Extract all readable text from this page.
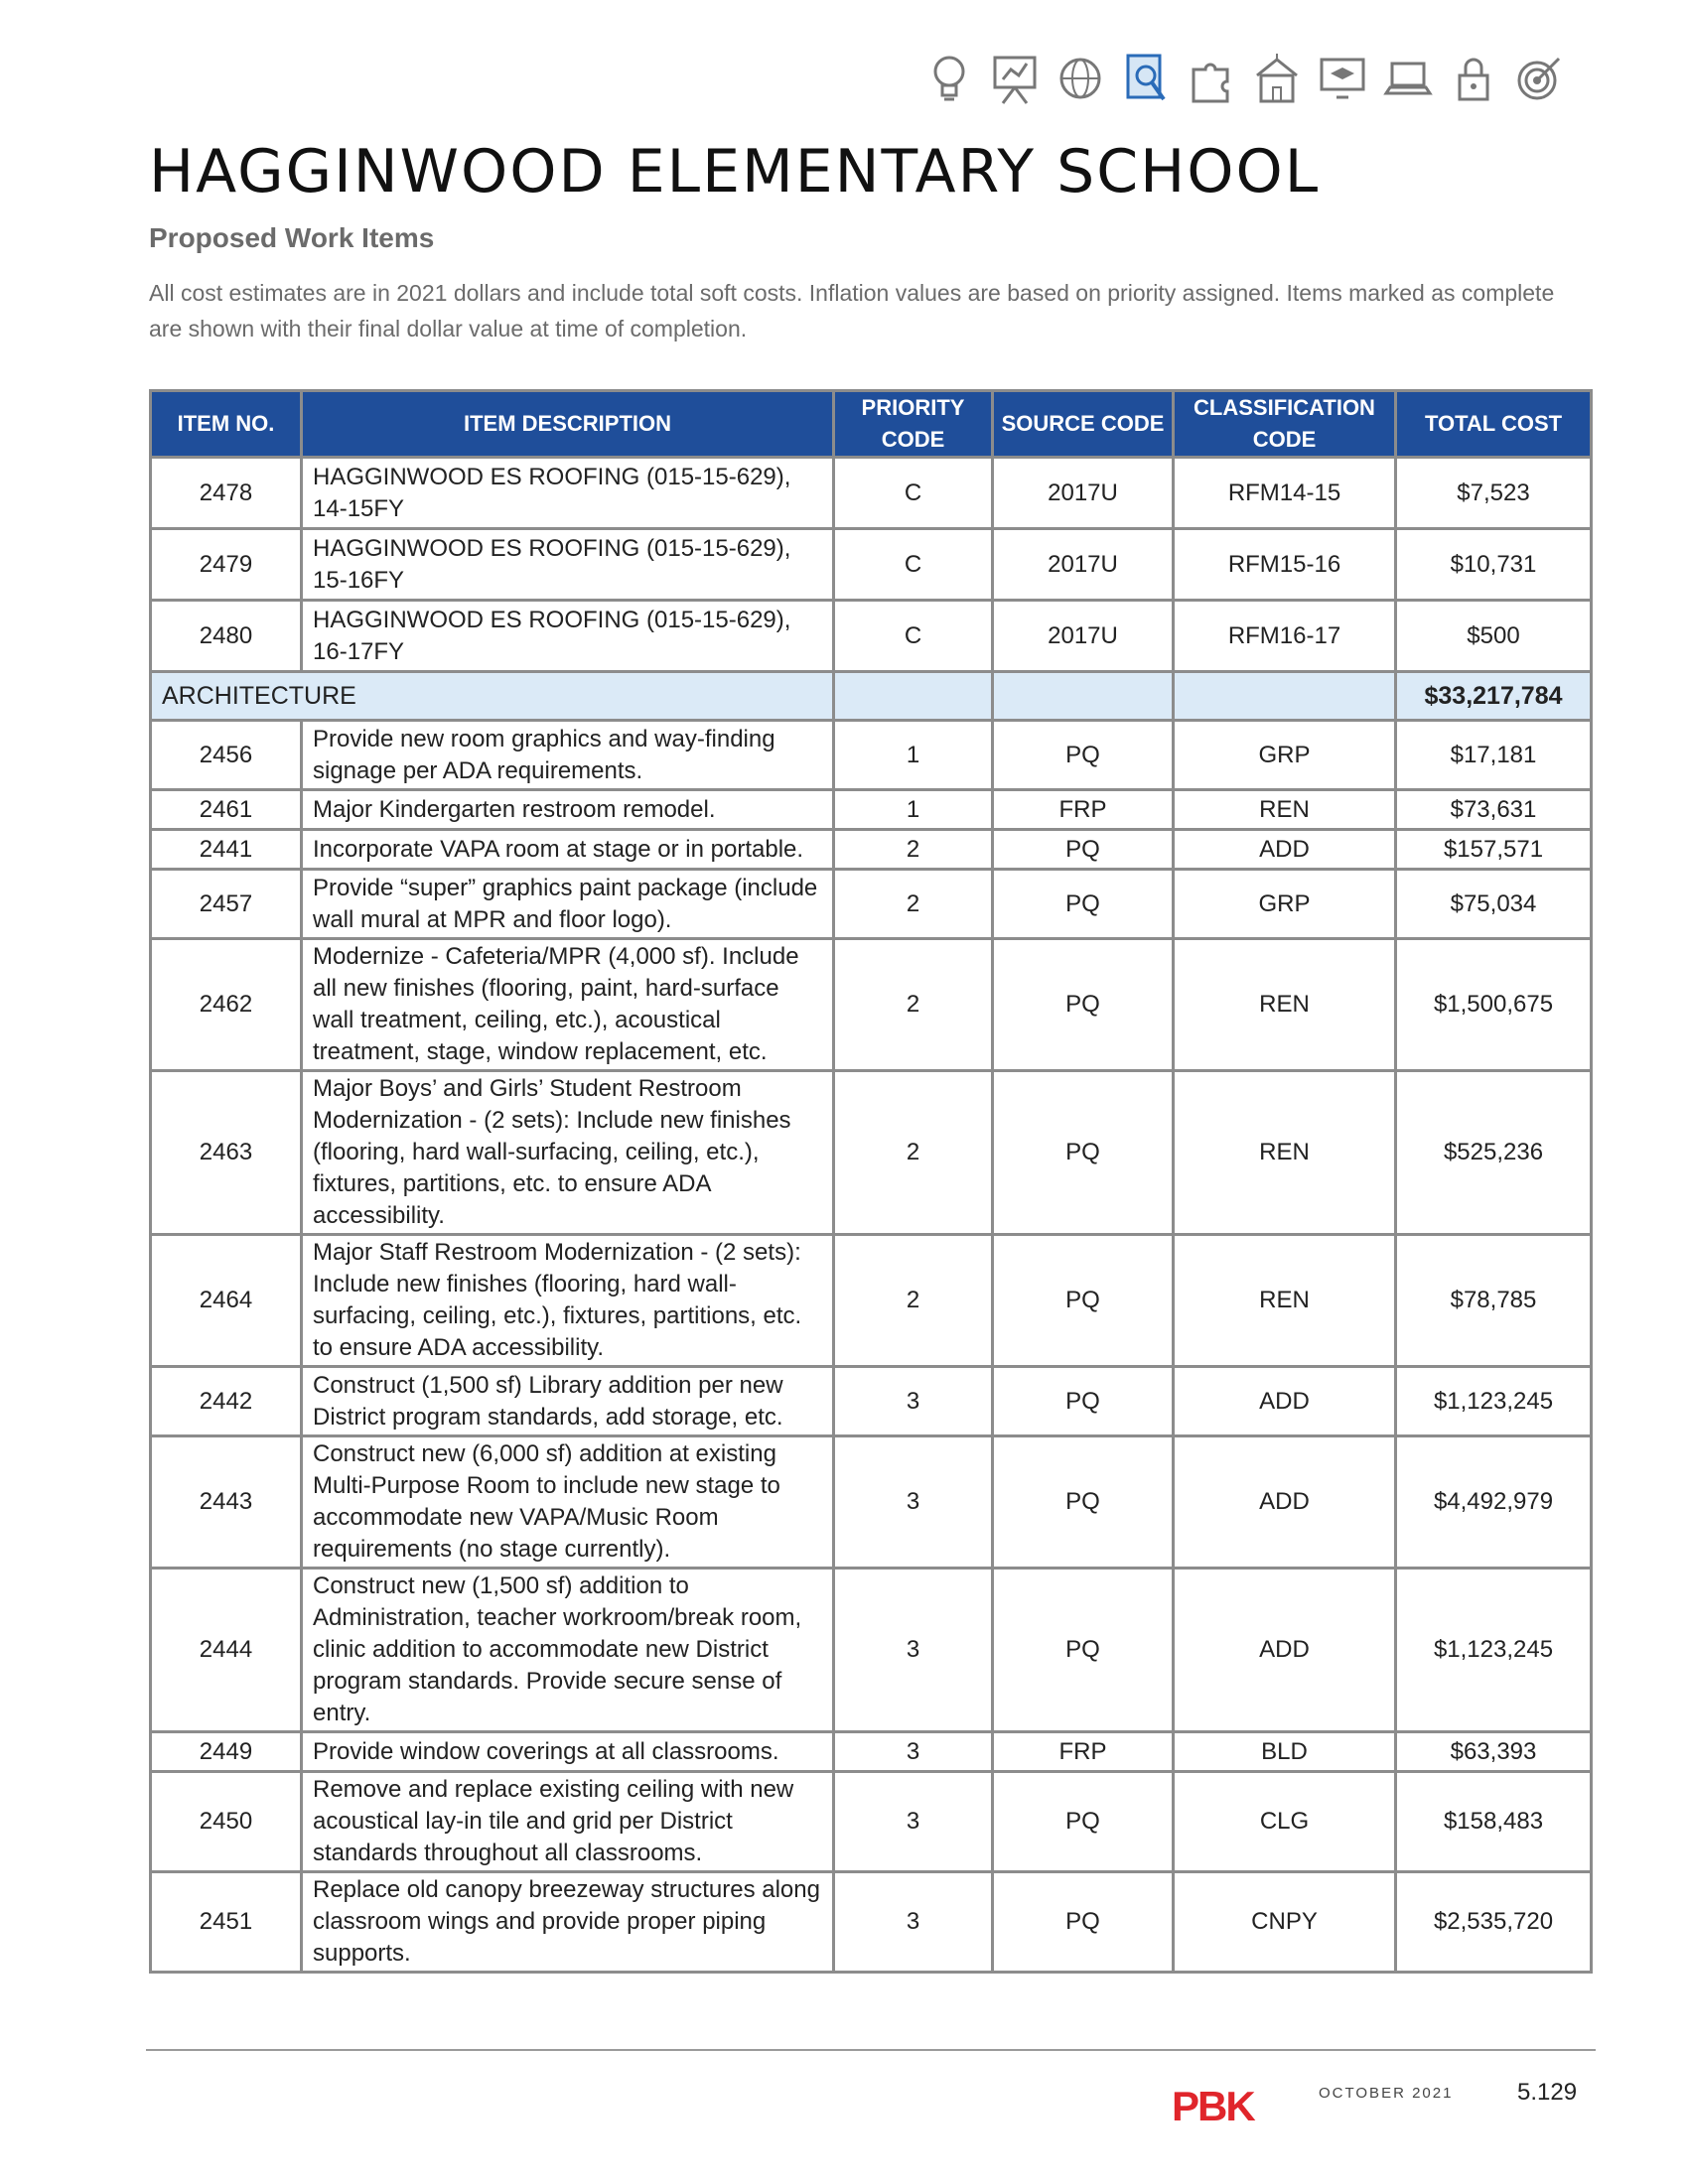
HAGGINWOOD ELEMENTARY SCHOOL
Proposed Work Items

All cost estimates are in 2021 dollars and include total soft costs. Inflation values are based on priority assigned. Items marked as complete are shown with their final dollar value at time of completion.

ITEM NO.	ITEM DESCRIPTION	PRIORITY CODE	SOURCE CODE	CLASSIFICATION CODE	TOTAL COST
2478	HAGGINWOOD ES ROOFING (015-15-629), 14-15FY	C	2017U	RFM14-15	$7,523
2479	HAGGINWOOD ES ROOFING (015-15-629), 15-16FY	C	2017U	RFM15-16	$10,731
2480	HAGGINWOOD ES ROOFING (015-15-629), 16-17FY	C	2017U	RFM16-17	$500
ARCHITECTURE					$33,217,784
2456	Provide new room graphics and way-finding signage per ADA requirements.	1	PQ	GRP	$17,181
2461	Major Kindergarten restroom remodel.	1	FRP	REN	$73,631
2441	Incorporate VAPA room at stage or in portable.	2	PQ	ADD	$157,571
2457	Provide “super” graphics paint package (include wall mural at MPR and floor logo).	2	PQ	GRP	$75,034
2462	Modernize - Cafeteria/MPR (4,000 sf). Include all new finishes (flooring, paint, hard-surface wall treatment, ceiling, etc.), acoustical treatment, stage, window replacement, etc.	2	PQ	REN	$1,500,675
2463	Major Boys’ and Girls’ Student Restroom Modernization - (2 sets): Include new finishes (flooring, hard wall-surfacing, ceiling, etc.), fixtures, partitions, etc. to ensure ADA accessibility.	2	PQ	REN	$525,236
2464	Major Staff Restroom Modernization - (2 sets): Include new finishes (flooring, hard wall-surfacing, ceiling, etc.), fixtures, partitions, etc. to ensure ADA accessibility.	2	PQ	REN	$78,785
2442	Construct (1,500 sf) Library addition per new District program standards, add storage, etc.	3	PQ	ADD	$1,123,245
2443	Construct new (6,000 sf) addition at existing Multi-Purpose Room to include new stage to accommodate new VAPA/Music Room requirements (no stage currently).	3	PQ	ADD	$4,492,979
2444	Construct new (1,500 sf) addition to Administration, teacher workroom/break room, clinic addition to accommodate new District program standards. Provide secure sense of entry.	3	PQ	ADD	$1,123,245
2449	Provide window coverings at all classrooms.	3	FRP	BLD	$63,393
2450	Remove and replace existing ceiling with new acoustical lay-in tile and grid per District standards throughout all classrooms.	3	PQ	CLG	$158,483
2451	Replace old canopy breezeway structures along classroom wings and provide proper piping supports.	3	PQ	CNPY	$2,535,720
PBK	OCTOBER 2021	5.129
